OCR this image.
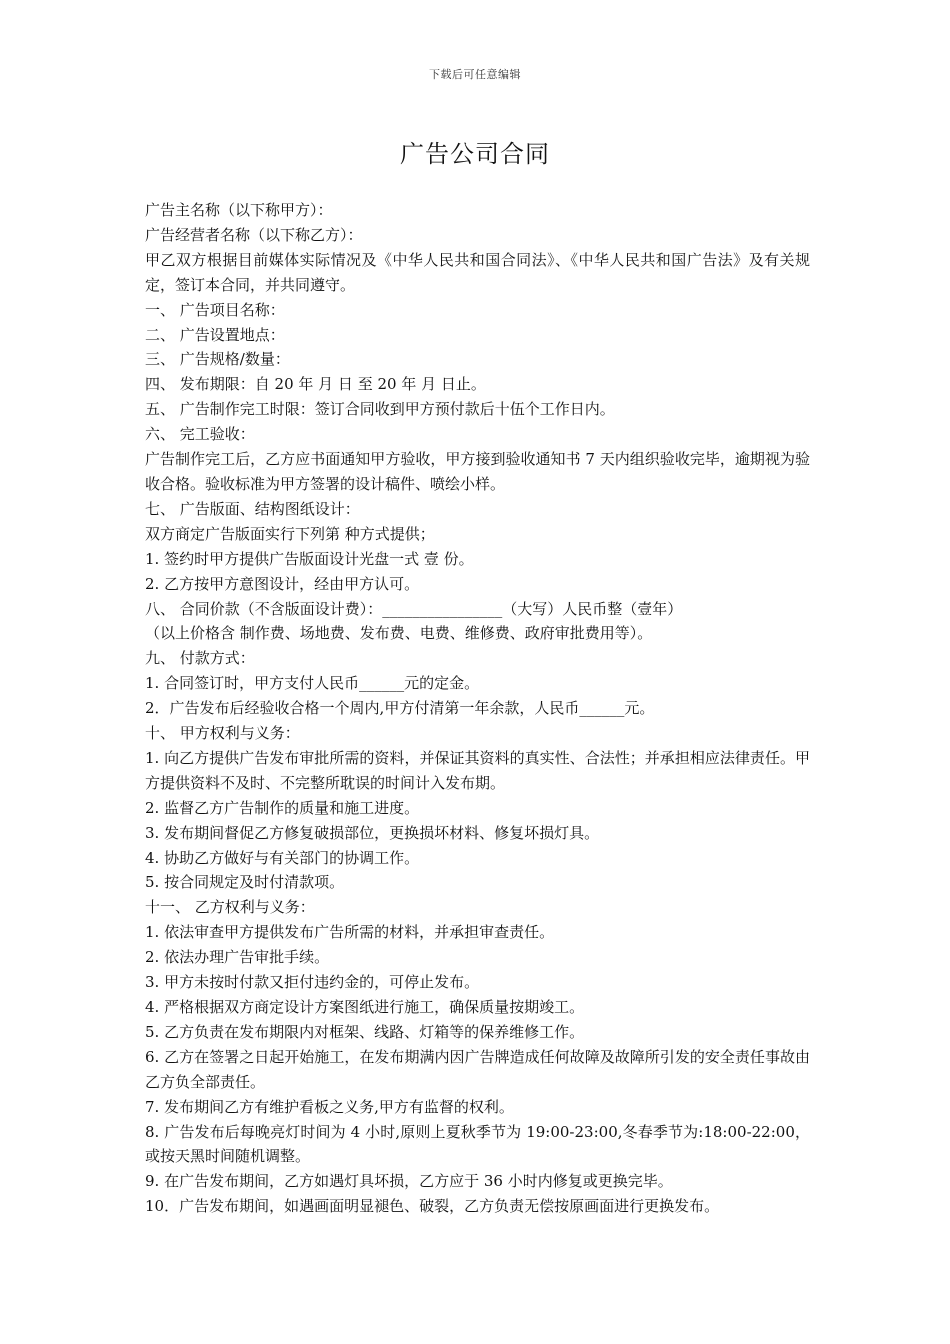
下载后可任意编辑
广告公司合同
广告主名称（以下称甲方）：
广告经营者名称（以下称乙方）：
甲乙双方根据目前媒体实际情况及《中华人民共和国合同法》、《中华人民共和国广告法》及有关规定，签订本合同，并共同遵守。
一、 广告项目名称：
二、 广告设置地点：
三、 广告规格/数量：
四、 发布期限：自 20 年 月 日 至 20 年 月 日止。
五、 广告制作完工时限：签订合同收到甲方预付款后十伍个工作日内。
六、 完工验收：
广告制作完工后，乙方应书面通知甲方验收，甲方接到验收通知书 7 天内组织验收完毕，逾期视为验收合格。验收标准为甲方签署的设计稿件、喷绘小样。
七、 广告版面、结构图纸设计：
双方商定广告版面实行下列第 种方式提供；
1. 签约时甲方提供广告版面设计光盘一式 壹 份。
2. 乙方按甲方意图设计，经由甲方认可。
八、 合同价款（不含版面设计费）：________________（大写）人民币整（壹年）
（以上价格含 制作费、场地费、发布费、电费、维修费、政府审批费用等）。
九、 付款方式：
1. 合同签订时，甲方支付人民币______元的定金。
2．广告发布后经验收合格一个周内,甲方付清第一年余款，人民币______元。
十、 甲方权利与义务：
1. 向乙方提供广告发布审批所需的资料，并保证其资料的真实性、合法性；并承担相应法律责任。甲方提供资料不及时、不完整所耽误的时间计入发布期。
2. 监督乙方广告制作的质量和施工进度。
3. 发布期间督促乙方修复破损部位，更换损坏材料、修复坏损灯具。
4. 协助乙方做好与有关部门的协调工作。
5. 按合同规定及时付清款项。
十一、 乙方权利与义务：
1. 依法审查甲方提供发布广告所需的材料，并承担审查责任。
2. 依法办理广告审批手续。
3. 甲方未按时付款又拒付违约金的，可停止发布。
4. 严格根据双方商定设计方案图纸进行施工，确保质量按期竣工。
5. 乙方负责在发布期限内对框架、线路、灯箱等的保养维修工作。
6. 乙方在签署之日起开始施工，在发布期满内因广告牌造成任何故障及故障所引发的安全责任事故由乙方负全部责任。
7. 发布期间乙方有维护看板之义务,甲方有监督的权利。
8. 广告发布后每晚亮灯时间为 4 小时,原则上夏秋季节为 19:00-23:00,冬春季节为:18:00-22:00，或按天黑时间随机调整。
9. 在广告发布期间，乙方如遇灯具坏损，乙方应于 36 小时内修复或更换完毕。
10．广告发布期间，如遇画面明显褪色、破裂，乙方负责无偿按原画面进行更换发布。
